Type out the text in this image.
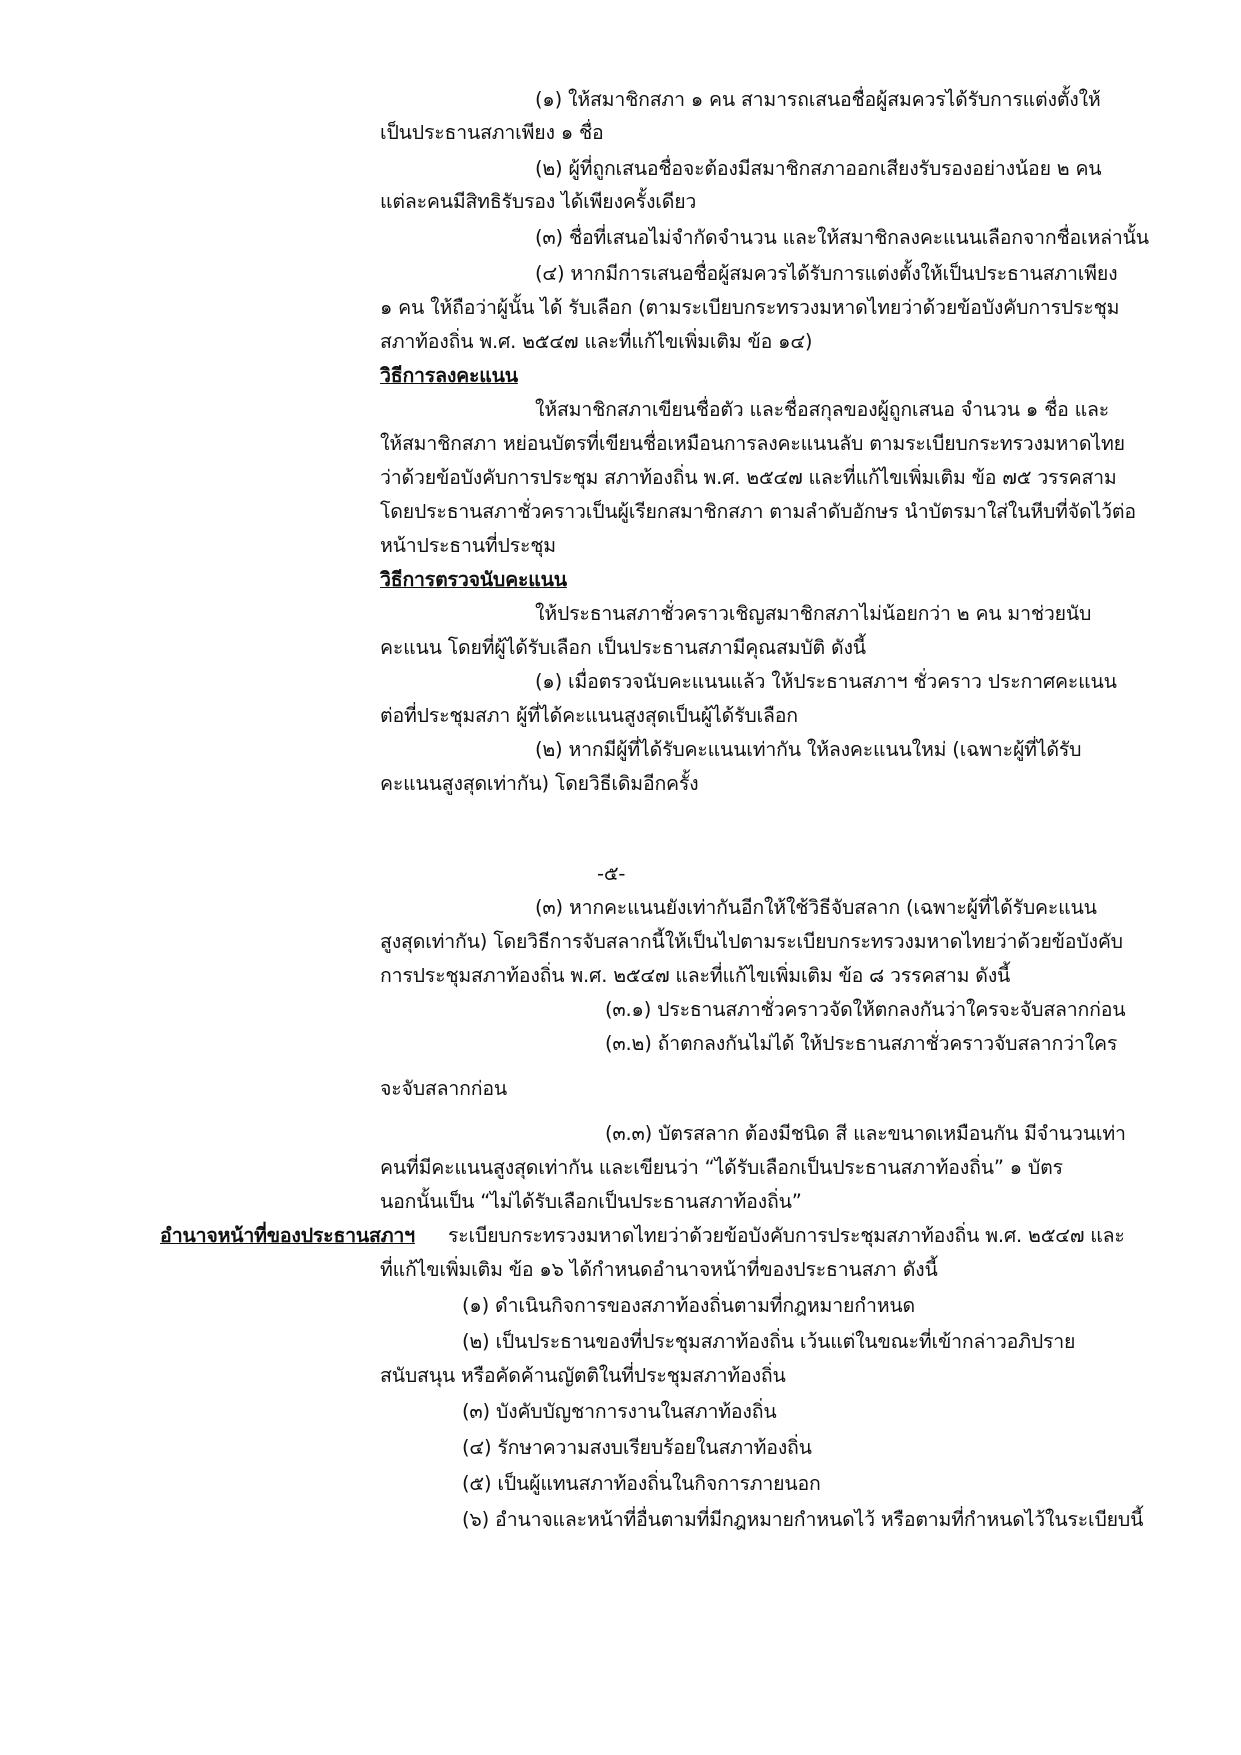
(๑) ให้สมาชิกสภา ๑ คน สามารถเสนอชื่อผู้สมควรได้รับการแต่งตั้งให้
เป็นประธานสภาเพียง ๑ ชื่อ
(๒) ผู้ที่ถูกเสนอชื่อจะต้องมีสมาชิกสภาออกเสียงรับรองอย่างน้อย ๒ คน
แต่ละคนมีสิทธิรับรอง ได้เพียงครั้งเดียว
(๓) ชื่อที่เสนอไม่จำกัดจำนวน และให้สมาชิกลงคะแนนเลือกจากชื่อเหล่านั้น
(๔) หากมีการเสนอชื่อผู้สมควรได้รับการแต่งตั้งให้เป็นประธานสภาเพียง
๑ คน ให้ถือว่าผู้นั้น ได้ รับเลือก (ตามระเบียบกระทรวงมหาดไทยว่าด้วยข้อบังคับการประชุม
สภาท้องถิ่น พ.ศ. ๒๕๔๗ และที่แก้ไขเพิ่มเติม ข้อ ๑๔)
วิธีการลงคะแนน
ให้สมาชิกสภาเขียนชื่อตัว และชื่อสกุลของผู้ถูกเสนอ จำนวน ๑ ชื่อ และ
ให้สมาชิกสภา หย่อนบัตรที่เขียนชื่อเหมือนการลงคะแนนลับ ตามระเบียบกระทรวงมหาดไทย
ว่าด้วยข้อบังคับการประชุม สภาท้องถิ่น พ.ศ. ๒๕๔๗ และที่แก้ไขเพิ่มเติม ข้อ ๗๕ วรรคสาม
โดยประธานสภาชั่วคราวเป็นผู้เรียกสมาชิกสภา ตามลำดับอักษร นำบัตรมาใส่ในหีบที่จัดไว้ต่อ
หน้าประธานที่ประชุม
วิธีการตรวจนับคะแนน
ให้ประธานสภาชั่วคราวเชิญสมาชิกสภาไม่น้อยกว่า ๒ คน มาช่วยนับ
คะแนน โดยที่ผู้ได้รับเลือก เป็นประธานสภามีคุณสมบัติ ดังนี้
(๑) เมื่อตรวจนับคะแนนแล้ว ให้ประธานสภาฯ ชั่วคราว ประกาศคะแนน
ต่อที่ประชุมสภา ผู้ที่ได้คะแนนสูงสุดเป็นผู้ได้รับเลือก
(๒) หากมีผู้ที่ได้รับคะแนนเท่ากัน ให้ลงคะแนนใหม่ (เฉพาะผู้ที่ได้รับ
คะแนนสูงสุดเท่ากัน) โดยวิธีเดิมอีกครั้ง
-๕-
(๓) หากคะแนนยังเท่ากันอีกให้ใช้วิธีจับสลาก (เฉพาะผู้ที่ได้รับคะแนน
สูงสุดเท่ากัน) โดยวิธีการจับสลากนี้ให้เป็นไปตามระเบียบกระทรวงมหาดไทยว่าด้วยข้อบังคับ
การประชุมสภาท้องถิ่น พ.ศ. ๒๕๔๗ และที่แก้ไขเพิ่มเติม ข้อ ๘ วรรคสาม ดังนี้
(๓.๑) ประธานสภาชั่วคราวจัดให้ตกลงกันว่าใครจะจับสลากก่อน
(๓.๒) ถ้าตกลงกันไม่ได้ ให้ประธานสภาชั่วคราวจับสลากว่าใคร
จะจับสลากก่อน
(๓.๓) บัตรสลาก ต้องมีชนิด สี และขนาดเหมือนกัน มีจำนวนเท่า
คนที่มีคะแนนสูงสุดเท่ากัน และเขียนว่า “ได้รับเลือกเป็นประธานสภาท้องถิ่น” ๑ บัตร
นอกนั้นเป็น “ไม่ได้รับเลือกเป็นประธานสภาท้องถิ่น”
อำนาจหน้าที่ของประธานสภาฯ ระเบียบกระทรวงมหาดไทยว่าด้วยข้อบังคับการประชุมสภาท้องถิ่น พ.ศ. ๒๕๔๗ และ
ที่แก้ไขเพิ่มเติม ข้อ ๑๖ ได้กำหนดอำนาจหน้าที่ของประธานสภา ดังนี้
(๑) ดำเนินกิจการของสภาท้องถิ่นตามที่กฎหมายกำหนด
(๒) เป็นประธานของที่ประชุมสภาท้องถิ่น เว้นแต่ในขณะที่เข้ากล่าวอภิปราย
สนับสนุน หรือคัดค้านญัตติในที่ประชุมสภาท้องถิ่น
(๓) บังคับบัญชาการงานในสภาท้องถิ่น
(๔) รักษาความสงบเรียบร้อยในสภาท้องถิ่น
(๕) เป็นผู้แทนสภาท้องถิ่นในกิจการภายนอก
(๖) อำนาจและหน้าที่อื่นตามที่มีกฎหมายกำหนดไว้ หรือตามที่กำหนดไว้ในระเบียบนี้
